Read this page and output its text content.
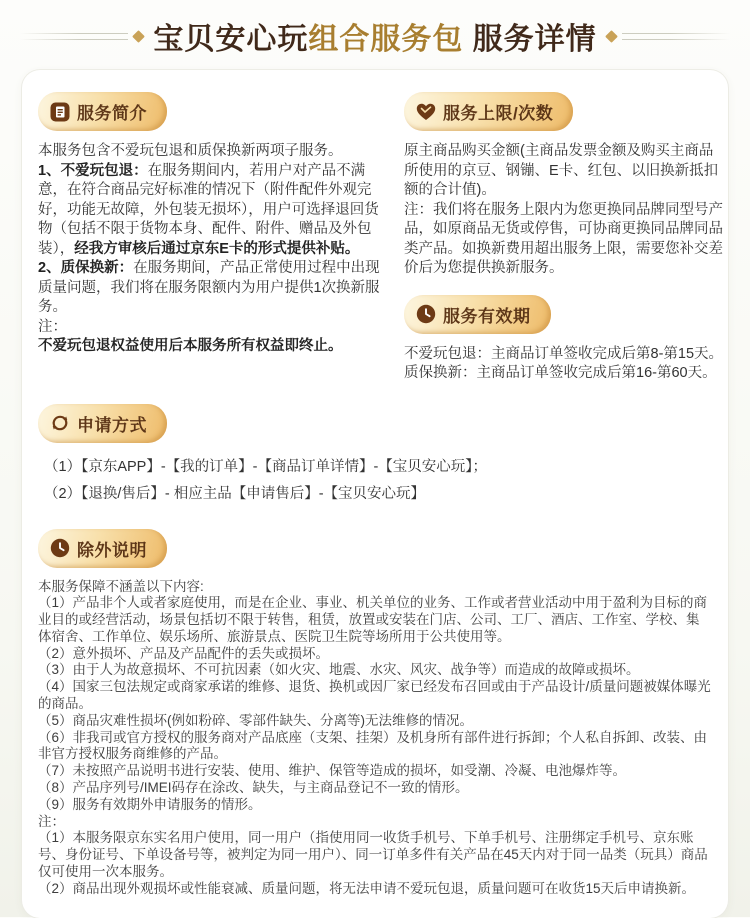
宝贝安心玩组合服务包 服务详情
服务简介

本服务包含不爱玩包退和质保换新两项子服务。

1、不爱玩包退：在服务期间内，若用户对产品不满意，在符合商品完好标准的情况下（附件配件外观完好，功能无故障，外包装无损坏），用户可选择退回货物（包括不限于货物本身、配件、附件、赠品及外包装），经我方审核后通过京东E卡的形式提供补贴。

2、质保换新：在服务期间，产品正常使用过程中出现质量问题，我们将在服务限额内为用户提供1次换新服务。

注：

不爱玩包退权益使用后本服务所有权益即终止。

服务上限/次数

原主商品购买金额(主商品发票金额及购买主商品所使用的京豆、钢镚、E卡、红包、以旧换新抵扣额的合计值)。

注：我们将在服务上限内为您更换同品牌同型号产品，如原商品无货或停售，可协商更换同品牌同品类产品。如换新费用超出服务上限，需要您补交差价后为您提供换新服务。

服务有效期

不爱玩包退：主商品订单签收完成后第8-第15天。

质保换新：主商品订单签收完成后第16-第60天。

申请方式

（1）【京东APP】-【我的订单】-【商品订单详情】-【宝贝安心玩】；

（2）【退换/售后】- 相应主品【申请售后】-【宝贝安心玩】

除外说明

本服务保障不涵盖以下内容:

（1）产品非个人或者家庭使用，而是在企业、事业、机关单位的业务、工作或者营业活动中用于盈利为目标的商业目的或经营活动，场景包括切不限于转售，租赁，放置或安装在门店、公司、工厂、酒店、工作室、学校、集体宿舍、工作单位、娱乐场所、旅游景点、医院卫生院等场所用于公共使用等。

（2）意外损坏、产品及产品配件的丢失或损坏。

（3）由于人为故意损坏、不可抗因素（如火灾、地震、水灾、风灾、战争等）而造成的故障或损坏。

（4）国家三包法规定或商家承诺的维修、退货、换机或因厂家已经发布召回或由于产品设计/质量问题被媒体曝光的商品。

（5）商品灾难性损坏(例如粉碎、零部件缺失、分离等)无法维修的情况。

（6）非我司或官方授权的服务商对产品底座（支架、挂架）及机身所有部件进行拆卸；个人私自拆卸、改装、由非官方授权服务商维修的产品。

（7）未按照产品说明书进行安装、使用、维护、保管等造成的损坏，如受潮、冷凝、电池爆炸等。

（8）产品序列号/IMEI码存在涂改、缺失，与主商品登记不一致的情形。

（9）服务有效期外申请服务的情形。

注：

（1）本服务限京东实名用户使用，同一用户（指使用同一收货手机号、下单手机号、注册绑定手机号、京东账号、身份证号、下单设备号等，被判定为同一用户）、同一订单多件有关产品在45天内对于同一品类（玩具）商品仅可使用一次本服务。

（2）商品出现外观损坏或性能衰减、质量问题，将无法申请不爱玩包退，质量问题可在收货15天后申请换新。
